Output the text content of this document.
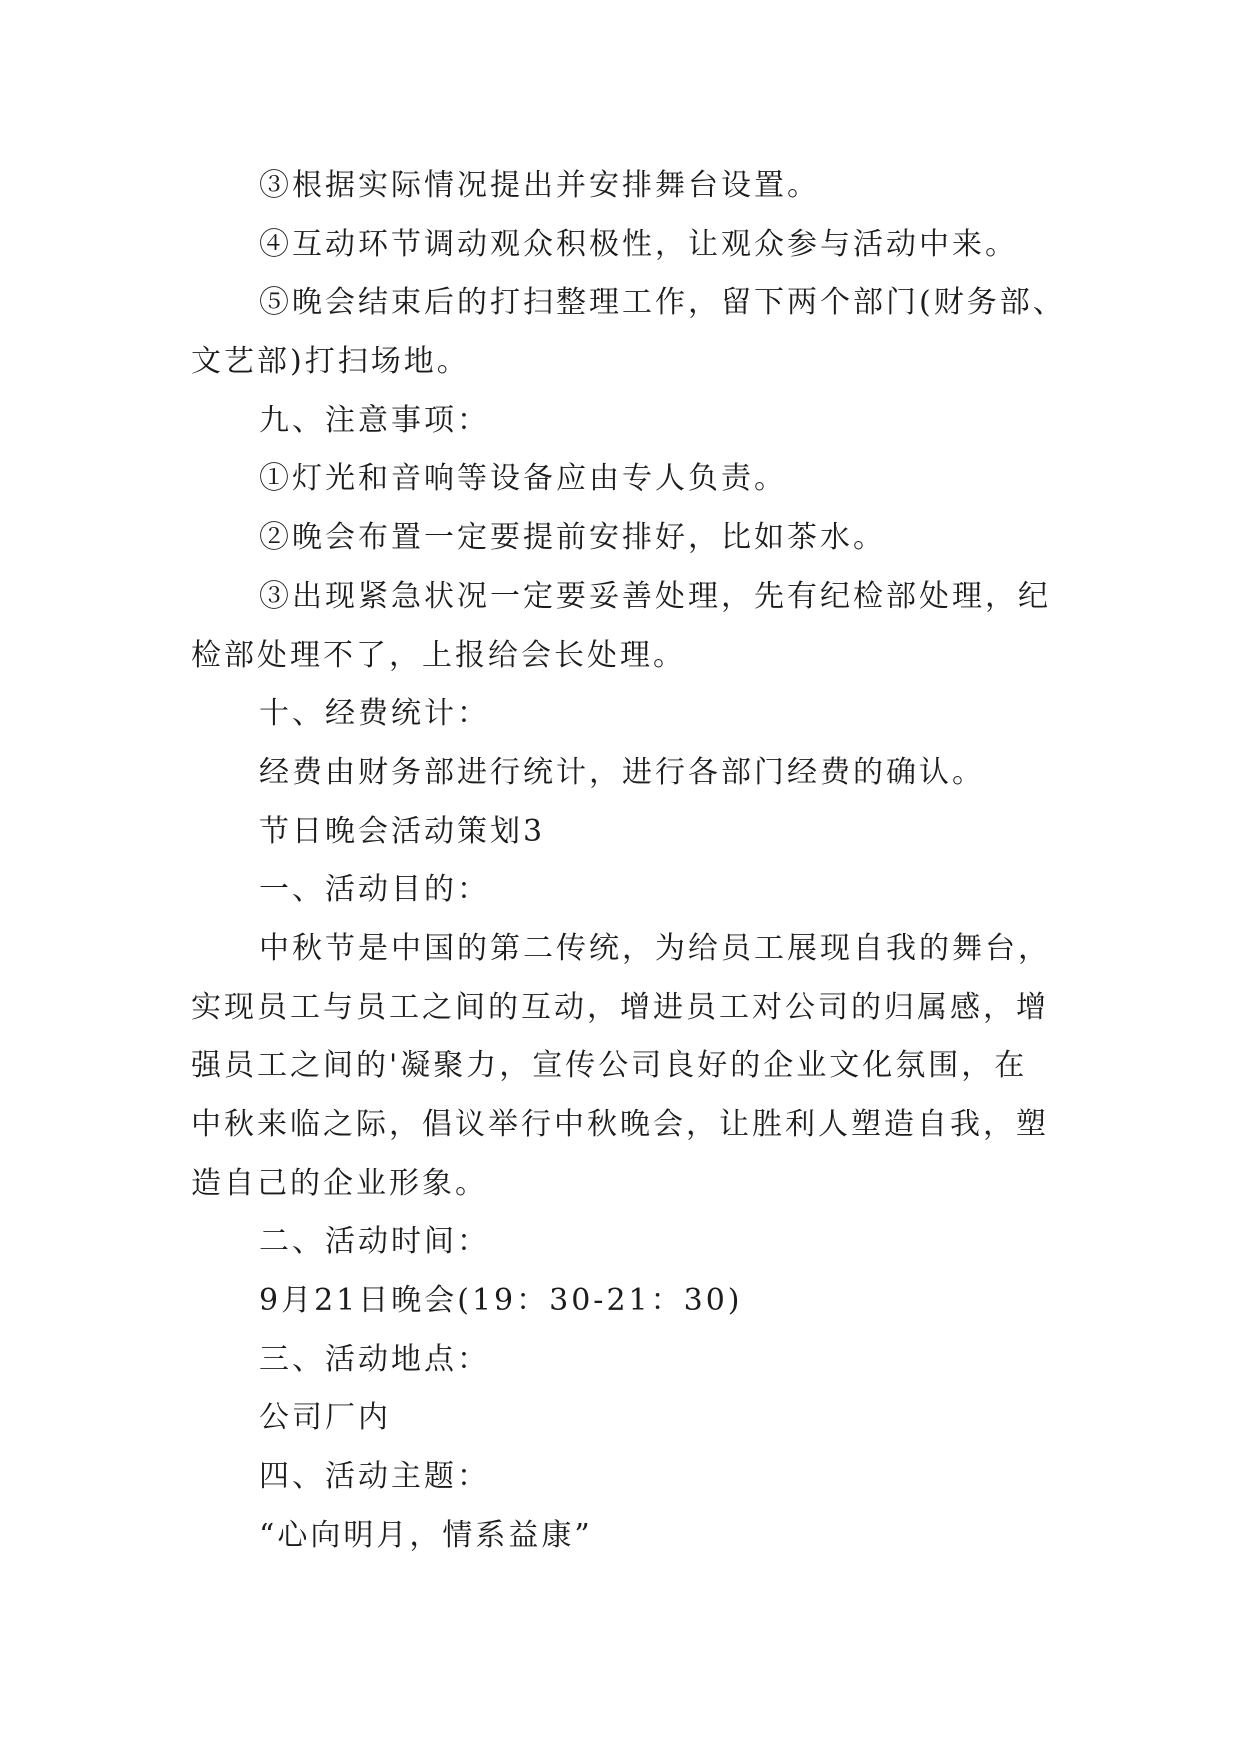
③根据实际情况提出并安排舞台设置。
④互动环节调动观众积极性，让观众参与活动中来。
⑤晚会结束后的打扫整理工作，留下两个部门(财务部、
文艺部)打扫场地。
九、注意事项：
①灯光和音响等设备应由专人负责。
②晚会布置一定要提前安排好，比如茶水。
③出现紧急状况一定要妥善处理，先有纪检部处理，纪
检部处理不了，上报给会长处理。
十、经费统计：
经费由财务部进行统计，进行各部门经费的确认。
节日晚会活动策划3
一、活动目的：
中秋节是中国的第二传统，为给员工展现自我的舞台，
实现员工与员工之间的互动，增进员工对公司的归属感，增
强员工之间的'凝聚力，宣传公司良好的企业文化氛围，在
中秋来临之际，倡议举行中秋晚会，让胜利人塑造自我，塑
造自己的企业形象。
二、活动时间：
9月21日晚会(19：30-21：30)
三、活动地点：
公司厂内
四、活动主题：
“心向明月，情系益康”
